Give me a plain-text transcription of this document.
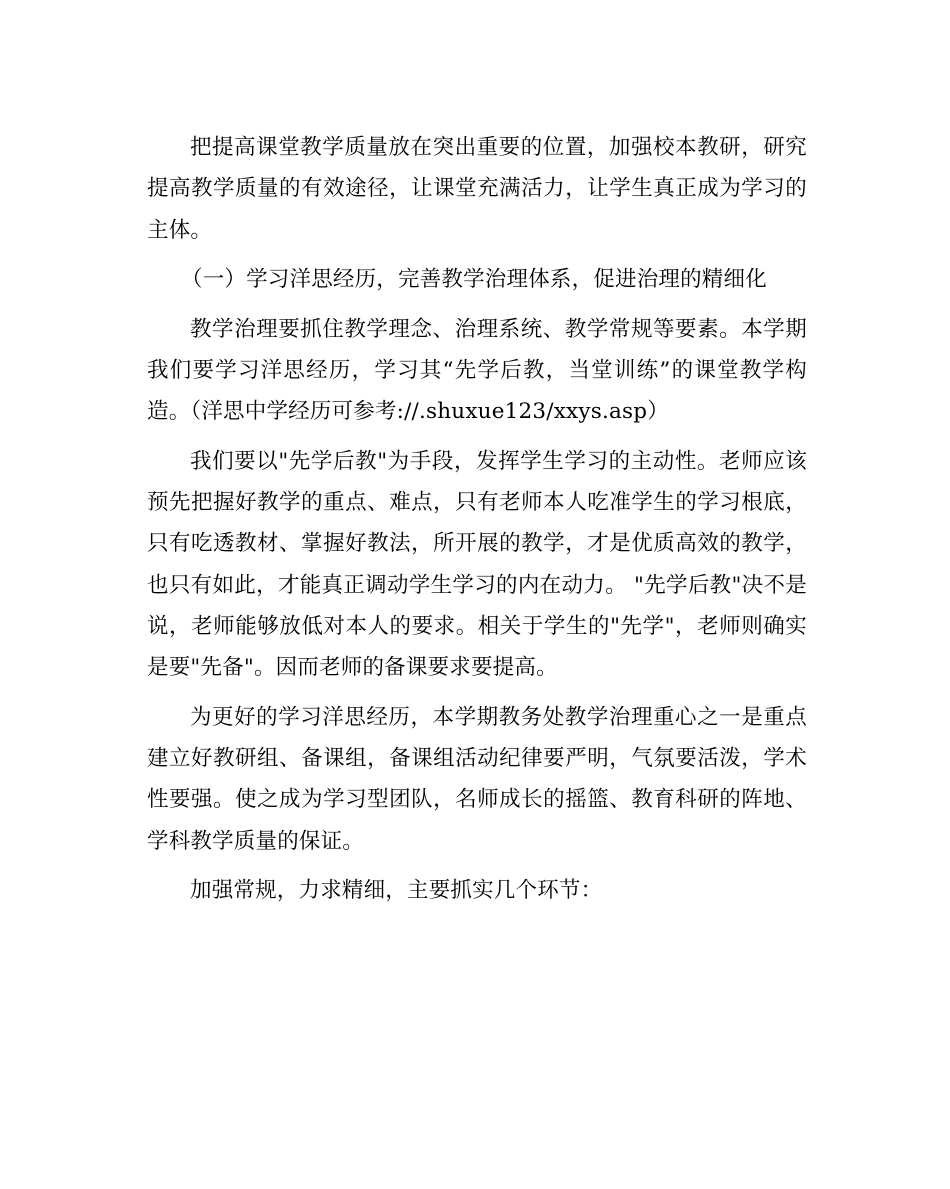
把提高课堂教学质量放在突出重要的位置，加强校本教研，研究提高教学质量的有效途径，让课堂充满活力，让学生真正成为学习的主体。

（一）学习洋思经历，完善教学治理体系，促进治理的精细化

教学治理要抓住教学理念、治理系统、教学常规等要素。本学期我们要学习洋思经历，学习其“先学后教，当堂训练”的课堂教学构造。（洋思中学经历可参考://.shuxue123/xxys.asp）

我们要以"先学后教"为手段，发挥学生学习的主动性。老师应该预先把握好教学的重点、难点，只有老师本人吃准学生的学习根底，只有吃透教材、掌握好教法，所开展的教学，才是优质高效的教学，也只有如此，才能真正调动学生学习的内在动力。 "先学后教"决不是说，老师能够放低对本人的要求。相关于学生的"先学"，老师则确实是要"先备"。因而老师的备课要求要提高。

为更好的学习洋思经历，本学期教务处教学治理重心之一是重点建立好教研组、备课组，备课组活动纪律要严明，气氛要活泼，学术性要强。使之成为学习型团队，名师成长的摇篮、教育科研的阵地、学科教学质量的保证。

加强常规，力求精细，主要抓实几个环节：
